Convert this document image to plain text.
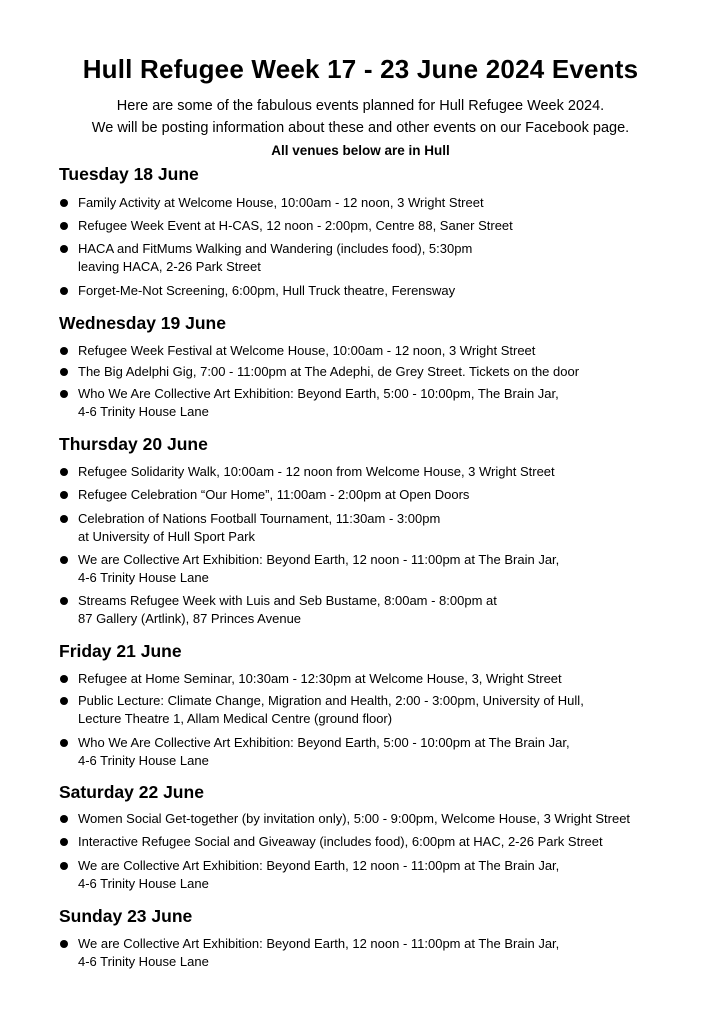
Hull Refugee Week 17 - 23 June 2024 Events
Here are some of the fabulous events planned for Hull Refugee Week 2024.
We will be posting information about these and other events on our Facebook page.
All venues below are in Hull
Tuesday 18 June
Family Activity at Welcome House, 10:00am - 12 noon, 3 Wright Street
Refugee Week Event at H-CAS, 12 noon - 2:00pm, Centre 88, Saner Street
HACA and FitMums Walking and Wandering (includes food), 5:30pm
leaving HACA, 2-26 Park Street
Forget-Me-Not Screening, 6:00pm, Hull Truck theatre, Ferensway
Wednesday 19 June
Refugee Week Festival at Welcome House, 10:00am - 12 noon, 3 Wright Street
The Big Adelphi Gig, 7:00 - 11:00pm at The Adephi, de Grey Street. Tickets on the door
Who We Are Collective Art Exhibition: Beyond Earth, 5:00 - 10:00pm, The Brain Jar,
4-6 Trinity House Lane
Thursday 20 June
Refugee Solidarity Walk, 10:00am - 12 noon from Welcome House, 3 Wright Street
Refugee Celebration “Our Home”, 11:00am - 2:00pm at Open Doors
Celebration of Nations Football Tournament, 11:30am - 3:00pm
at University of Hull Sport Park
We are Collective Art Exhibition: Beyond Earth, 12 noon - 11:00pm at The Brain Jar,
4-6 Trinity House Lane
Streams Refugee Week with Luis and Seb Bustame, 8:00am - 8:00pm at
87 Gallery (Artlink), 87 Princes Avenue
Friday 21 June
Refugee at Home Seminar, 10:30am - 12:30pm at Welcome House, 3, Wright Street
Public Lecture: Climate Change, Migration and Health, 2:00 - 3:00pm, University of Hull,
Lecture Theatre 1, Allam Medical Centre (ground floor)
Who We Are Collective Art Exhibition: Beyond Earth, 5:00 - 10:00pm at The Brain Jar,
4-6 Trinity House Lane
Saturday 22 June
Women Social Get-together (by invitation only), 5:00 - 9:00pm, Welcome House, 3 Wright Street
Interactive Refugee Social and Giveaway (includes food), 6:00pm at HAC, 2-26 Park Street
We are Collective Art Exhibition: Beyond Earth, 12 noon - 11:00pm at The Brain Jar,
4-6 Trinity House Lane
Sunday 23 June
We are Collective Art Exhibition: Beyond Earth, 12 noon - 11:00pm at The Brain Jar,
4-6 Trinity House Lane
